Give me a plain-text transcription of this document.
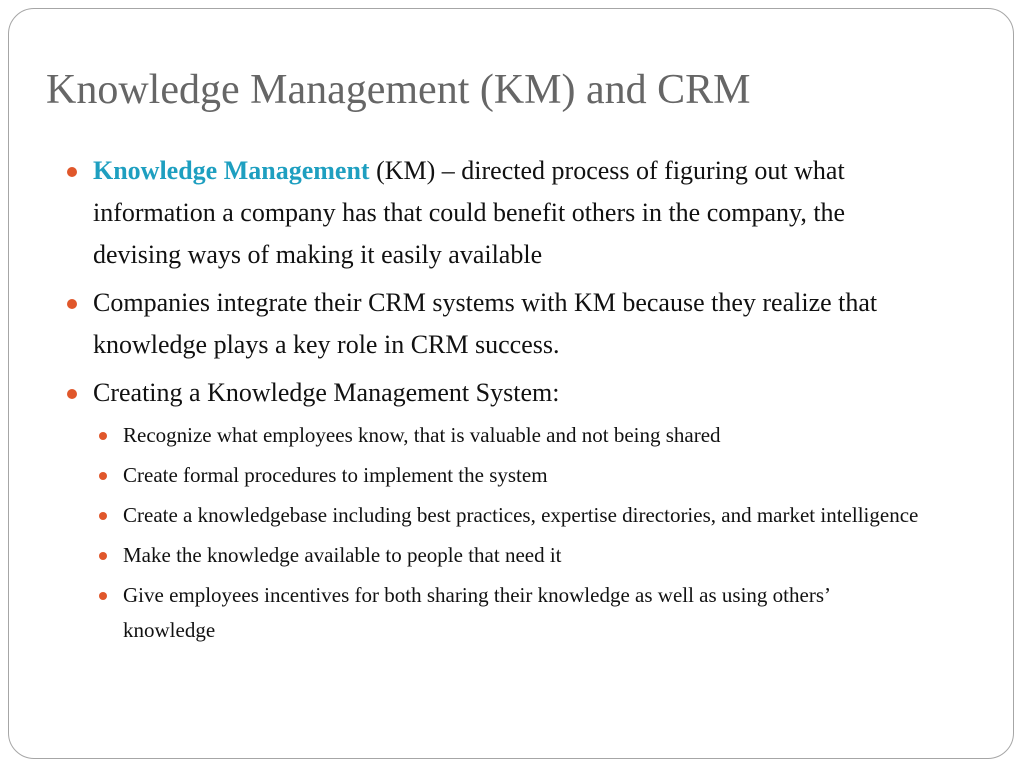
Knowledge Management (KM) and CRM
Knowledge Management (KM) – directed process of figuring out what information a company has that could benefit others in the company, the devising ways of making it easily available
Companies integrate their CRM systems with KM because they realize that knowledge plays a key role in CRM success.
Creating a Knowledge Management System:
Recognize what employees know, that is valuable and not being shared
Create formal procedures to implement the system
Create a knowledgebase including best practices, expertise directories, and market intelligence
Make the knowledge available to people that need it
Give employees incentives for both sharing their knowledge as well as using others’ knowledge
